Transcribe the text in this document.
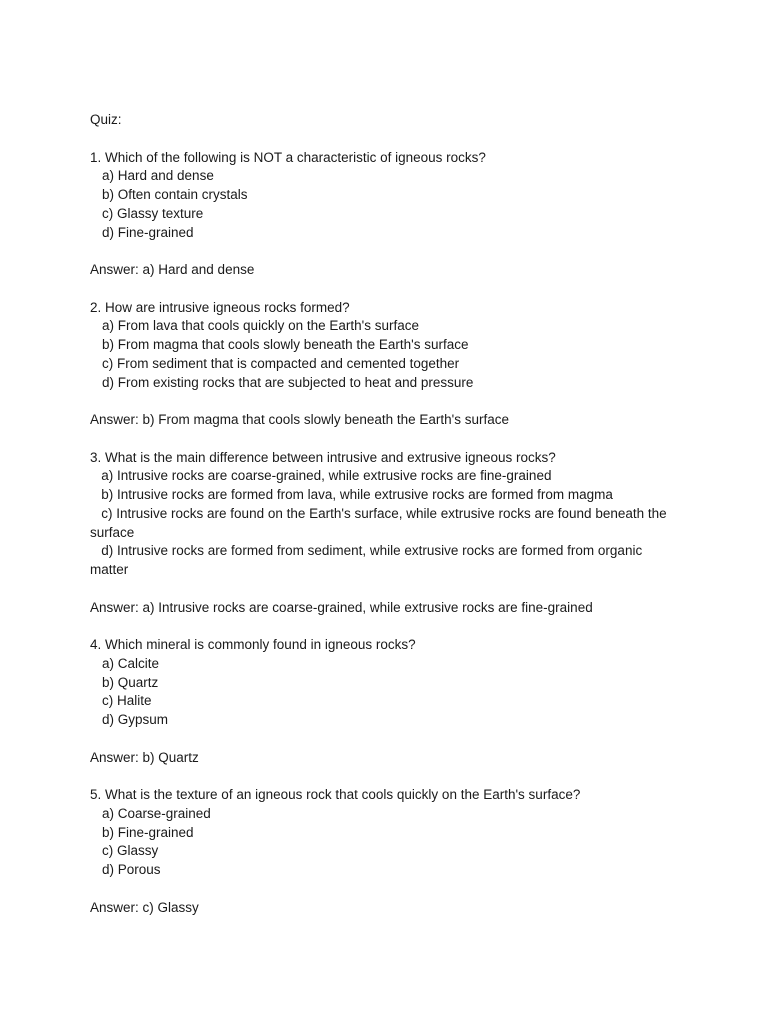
Quiz:
1. Which of the following is NOT a characteristic of igneous rocks?
a) Hard and dense
b) Often contain crystals
c) Glassy texture
d) Fine-grained
Answer: a) Hard and dense
2. How are intrusive igneous rocks formed?
a) From lava that cools quickly on the Earth's surface
b) From magma that cools slowly beneath the Earth's surface
c) From sediment that is compacted and cemented together
d) From existing rocks that are subjected to heat and pressure
Answer: b) From magma that cools slowly beneath the Earth's surface
3. What is the main difference between intrusive and extrusive igneous rocks?
a) Intrusive rocks are coarse-grained, while extrusive rocks are fine-grained
b) Intrusive rocks are formed from lava, while extrusive rocks are formed from magma
c) Intrusive rocks are found on the Earth's surface, while extrusive rocks are found beneath the surface
d) Intrusive rocks are formed from sediment, while extrusive rocks are formed from organic matter
Answer: a) Intrusive rocks are coarse-grained, while extrusive rocks are fine-grained
4. Which mineral is commonly found in igneous rocks?
a) Calcite
b) Quartz
c) Halite
d) Gypsum
Answer: b) Quartz
5. What is the texture of an igneous rock that cools quickly on the Earth's surface?
a) Coarse-grained
b) Fine-grained
c) Glassy
d) Porous
Answer: c) Glassy
